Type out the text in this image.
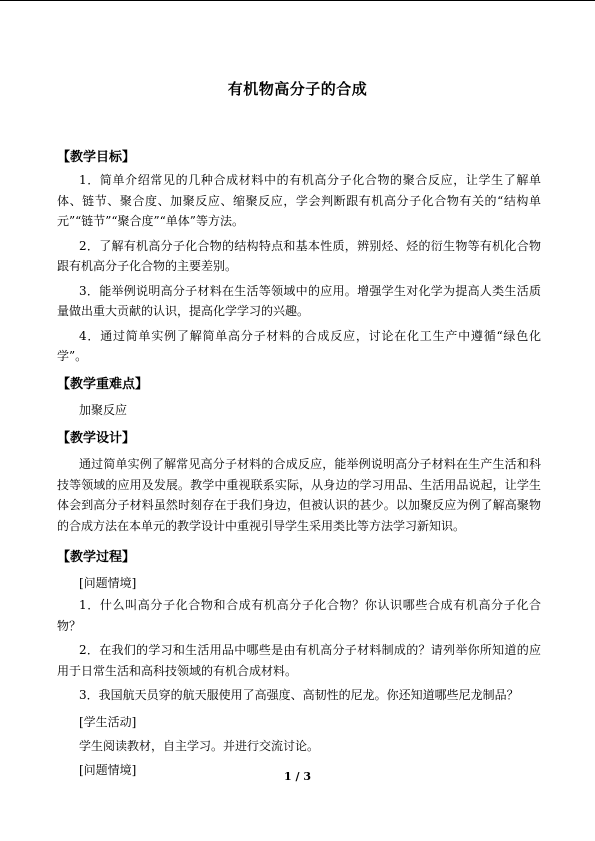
有机物高分子的合成
【教学目标】

1．简单介绍常见的几种合成材料中的有机高分子化合物的聚合反应，让学生了解单体、链节、聚合度、加聚反应、缩聚反应，学会判断跟有机高分子化合物有关的“结构单元”“链节”“聚合度”“单体”等方法。

2．了解有机高分子化合物的结构特点和基本性质，辨别烃、烃的衍生物等有机化合物跟有机高分子化合物的主要差别。

3．能举例说明高分子材料在生活等领域中的应用。增强学生对化学为提高人类生活质量做出重大贡献的认识，提高化学学习的兴趣。

4．通过简单实例了解简单高分子材料的合成反应，讨论在化工生产中遵循“绿色化学”。

【教学重难点】

加聚反应

【教学设计】

通过简单实例了解常见高分子材料的合成反应，能举例说明高分子材料在生产生活和科技等领域的应用及发展。教学中重视联系实际，从身边的学习用品、生活用品说起，让学生体会到高分子材料虽然时刻存在于我们身边，但被认识的甚少。以加聚反应为例了解高聚物的合成方法在本单元的教学设计中重视引导学生采用类比等方法学习新知识。

【教学过程】

[问题情境]

1．什么叫高分子化合物和合成有机高分子化合物？你认识哪些合成有机高分子化合物？

2．在我们的学习和生活用品中哪些是由有机高分子材料制成的？请列举你所知道的应用于日常生活和高科技领域的有机合成材料。

3．我国航天员穿的航天服使用了高强度、高韧性的尼龙。你还知道哪些尼龙制品？

[学生活动]

学生阅读教材，自主学习。并进行交流讨论。

[问题情境]	1 / 3
